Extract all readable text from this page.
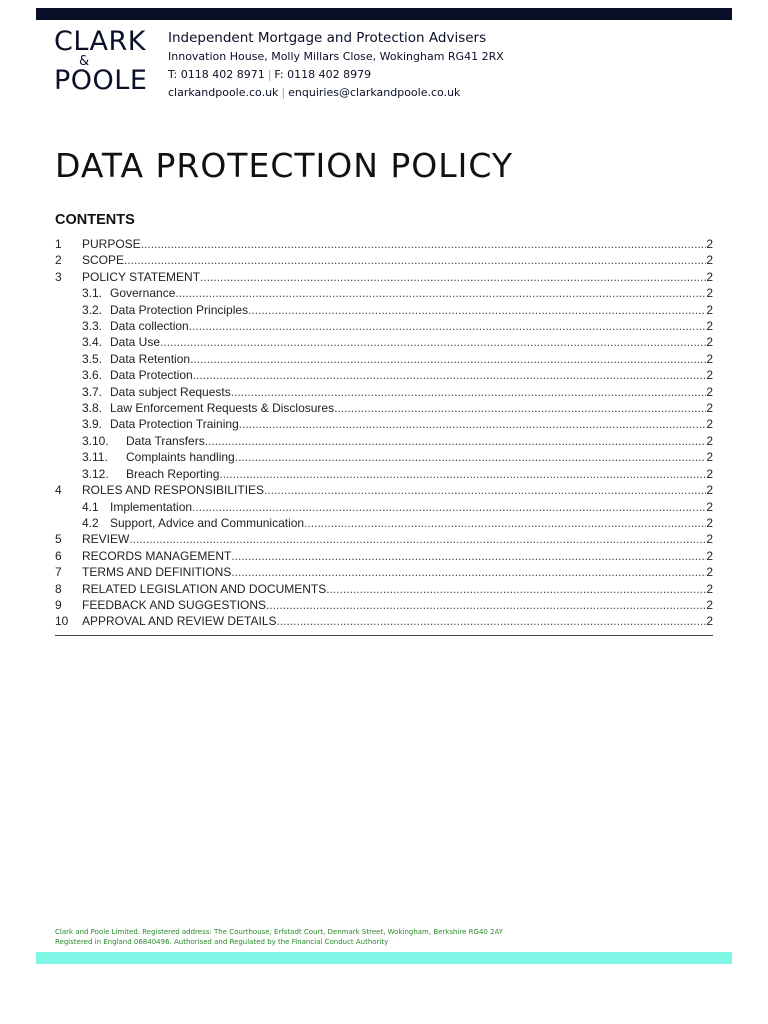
CLARK
&
POOLE
Independent Mortgage and Protection Advisers
Innovation House, Molly Millars Close, Wokingham RG41 2RX
T: 0118 402 8971 | F: 0118 402 8979
clarkandpoole.co.uk | enquiries@clarkandpoole.co.uk
DATA PROTECTION POLICY
CONTENTS
1	PURPOSE .....	2
2	SCOPE .....	2
3	POLICY STATEMENT .....	2
3.1. Governance .....	2
3.2. Data Protection Principles .....	2
3.3. Data collection .....	2
3.4. Data Use .....	2
3.5. Data Retention .....	2
3.6. Data Protection .....	2
3.7. Data subject Requests .....	2
3.8. Law Enforcement Requests & Disclosures .....	2
3.9. Data Protection Training .....	2
3.10.	Data Transfers .....	2
3.11.	Complaints handling .....	2
3.12.	Breach Reporting .....	2
4	ROLES AND RESPONSIBILITIES .....	2
4.1 Implementation .....	2
4.2 Support, Advice and Communication .....	2
5	REVIEW .....	2
6	RECORDS MANAGEMENT .....	2
7	TERMS AND DEFINITIONS .....	2
8	RELATED LEGISLATION AND DOCUMENTS .....	2
9	FEEDBACK AND SUGGESTIONS .....	2
10	APPROVAL AND REVIEW DETAILS .....	2
Clark and Poole Limited. Registered address: The Courthouse, Erfstadt Court, Denmark Street, Wokingham, Berkshire RG40 2AY
Registered in England 06840496. Authorised and Regulated by the Financial Conduct Authority
